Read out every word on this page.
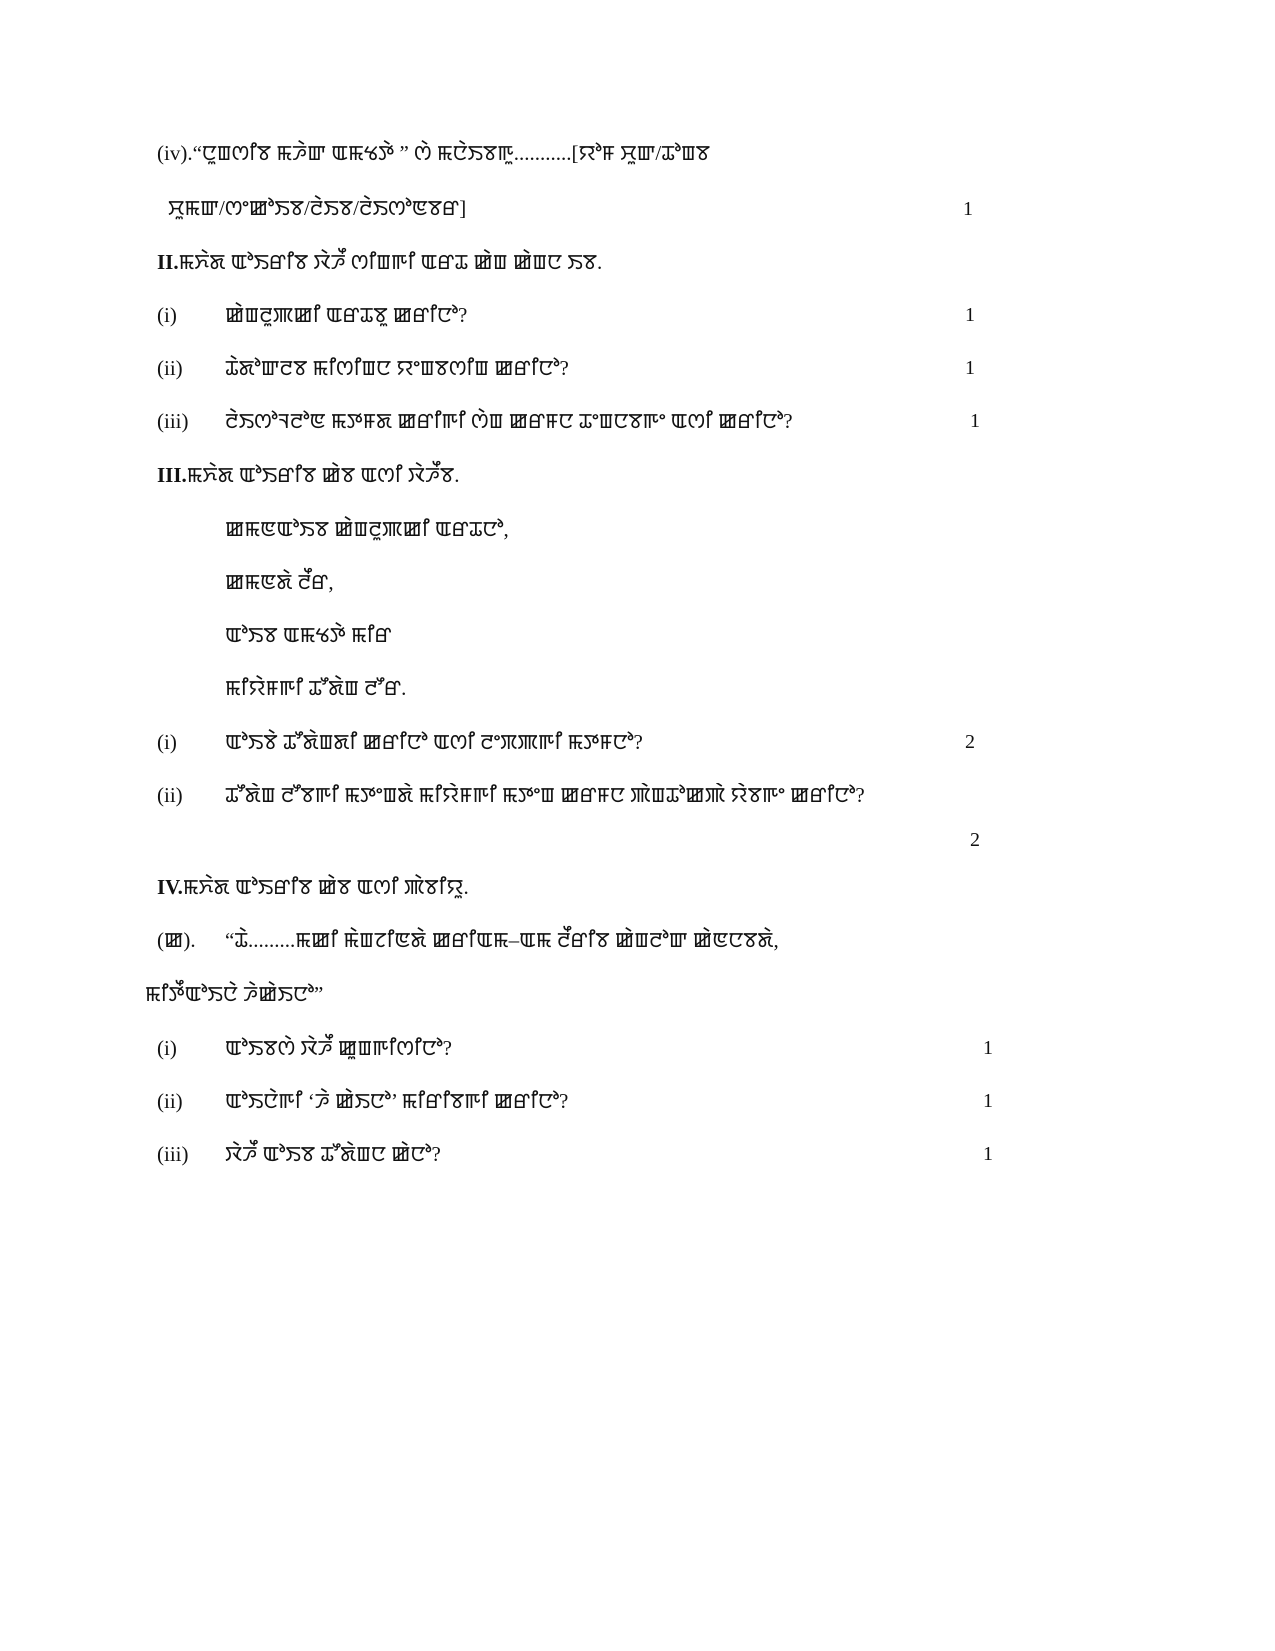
(iv).“ꯅꯨꯡꯁꯤꯕ ꯃꯍꯥꯛ ꯑꯃꯠꯇꯥ ” ꯁꯥ ꯃꯅꯥꯏꯕꯒꯨ...........[ꯌꯣꯝ ꯆꯨꯛ/ꯊꯣꯡꯕ
ꯆꯨꯃꯛ/ꯁꯦꯀꯣꯏꯕ/ꯂꯥꯏꯕ/ꯂꯥꯏꯁꯣꯟꯕꯔ]	1
II.ꯃꯈꯥꯗ ꯑꯣꯏꯔꯤꯕ ꯋꯥꯍꯩ ꯁꯤꯡꯒꯤ ꯑꯔꯊ ꯀꯥꯡ ꯀꯥꯡꯅ ꯏꯕ.
(i) ꯀꯥꯡꯂꯨꯄꯀꯤ ꯑꯔꯊꯕꯨ ꯀꯔꯤꯅꯣ?	1
(ii) ꯊꯥꯗꯣꯛꯂꯕ ꯃꯤꯁꯤꯡꯅ ꯌꯦꯡꯕꯁꯤꯡ ꯀꯔꯤꯅꯣ?	1
(iii) ꯂꯥꯏꯁꯣꯜꯂꯣꯟ ꯃꯇꯝꯗ ꯀꯔꯤꯒꯤ ꯁꯥꯡ ꯀꯔꯝꯅ ꯊꯦꯡꯅꯕꯒꯦ ꯑꯁꯤ ꯀꯔꯤꯅꯣ?	1
III.ꯃꯈꯥꯗ ꯑꯣꯏꯔꯤꯕ ꯀꯥꯕ ꯑꯁꯤ ꯋꯥꯍꯩꯕ.
ꯀꯃꯟꯑꯣꯏꯕ ꯀꯥꯡꯂꯨꯄꯀꯤ ꯑꯔꯊꯅꯣ,
ꯀꯃꯟꯗꯥ ꯂꯩꯔ,
ꯑꯣꯏꯕ ꯑꯃꯠꯇꯥ ꯃꯤꯔ
ꯃꯤꯌꯥꯝꯒꯤ ꯊꯧꯗꯥꯡ ꯂꯧꯔ.
(i) ꯑꯣꯏꯕꯥ ꯊꯧꯗꯥꯡꯗꯤ ꯀꯔꯤꯅꯣ ꯑꯁꯤ ꯂꯦꯞꯄꯒꯤ ꯃꯇꯝꯅꯣ?	2
(ii) ꯊꯧꯗꯥꯡ ꯂꯧꯕꯒꯤ ꯃꯇꯦꯡꯗꯥ ꯃꯤꯌꯥꯝꯒꯤ ꯃꯇꯦꯡ ꯀꯔꯝꯅ ꯄꯥꯡꯊꯣꯀꯄꯥ ꯌꯥꯕꯒꯦ ꯀꯔꯤꯅꯣ?
2
IV.ꯃꯈꯥꯗ ꯑꯣꯏꯔꯤꯕ ꯀꯥꯕ ꯑꯁꯤ ꯄꯥꯕꯤꯌꯨ.
(ꯀ). “ꯊꯥ.........ꯃꯀꯤ ꯃꯥꯡꯖꯤꯟꯗꯥ ꯀꯔꯤꯑꯃ–ꯑꯃ ꯂꯩꯔꯤꯕ ꯀꯥꯡꯂꯣꯛ ꯀꯥꯟꯅꯕꯗꯥ,
ꯃꯤꯇꯩꯑꯣꯏꯅꯥ ꯍꯥꯀꯥꯏꯅꯣ”
(i) ꯑꯣꯏꯕꯁꯥ ꯋꯥꯍꯩ ꯀꯨꯡꯒꯤꯁꯤꯅꯣ?	1
(ii) ꯑꯣꯏꯅꯥꯒꯤ ‘ꯍꯥ ꯀꯥꯏꯅꯣ’ ꯃꯤꯔꯤꯕꯒꯤ ꯀꯔꯤꯅꯣ?	1
(iii) ꯋꯥꯍꯩ ꯑꯣꯏꯕ ꯊꯧꯗꯥꯡꯅ ꯀꯥꯅꯣ?	1
